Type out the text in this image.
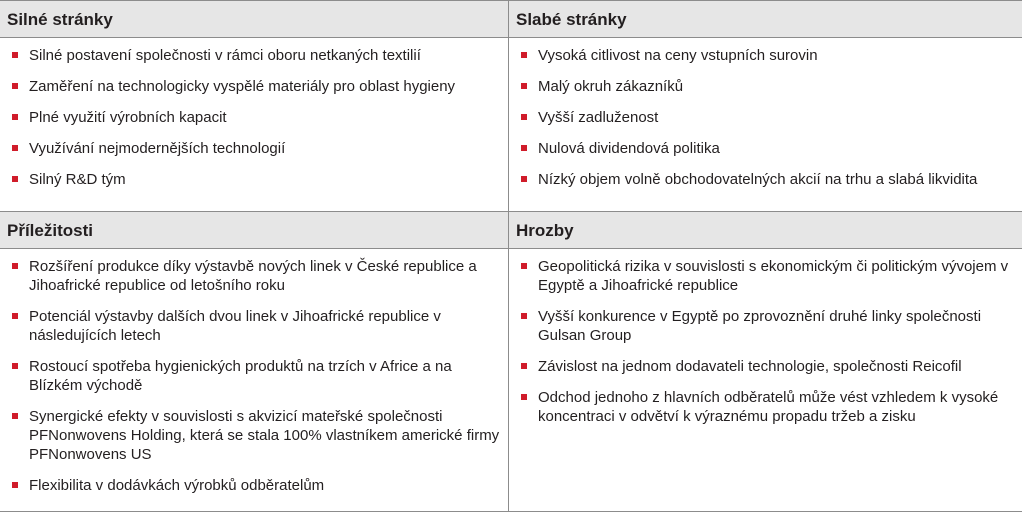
Silné stránky	Slabé stránky
Silné postavení společnosti v rámci oboru netkaných textilií
Zaměření na technologicky vyspělé materiály pro oblast hygieny
Plné využití výrobních kapacit
Využívání nejmodernějších technologií
Silný R&D tým
Vysoká citlivost na ceny vstupních surovin
Malý okruh zákazníků
Vyšší zadluženost
Nulová dividendová politika
Nízký objem volně obchodovatelných akcií na trhu a slabá likvidita
Příležitosti	Hrozby
Rozšíření produkce díky výstavbě nových linek v České republice a Jihoafrické republice od letošního roku
Potenciál výstavby dalších dvou linek v Jihoafrické republice v následujících letech
Rostoucí spotřeba hygienických produktů na trzích v Africe a na Blízkém východě
Synergické efekty v souvislosti s akvizicí mateřské společnosti PFNonwovens Holding, která se stala 100% vlastníkem americké firmy PFNonwovens US
Flexibilita v dodávkách výrobků odběratelům
Geopolitická rizika v souvislosti s ekonomickým či politickým vývojem v Egyptě a Jihoafrické republice
Vyšší konkurence v Egyptě po zprovoznění druhé linky společnosti Gulsan Group
Závislost na jednom dodavateli technologie, společnosti Reicofil
Odchod jednoho z hlavních odběratelů může vést vzhledem k vysoké koncentraci v odvětví k výraznému propadu tržeb a zisku
